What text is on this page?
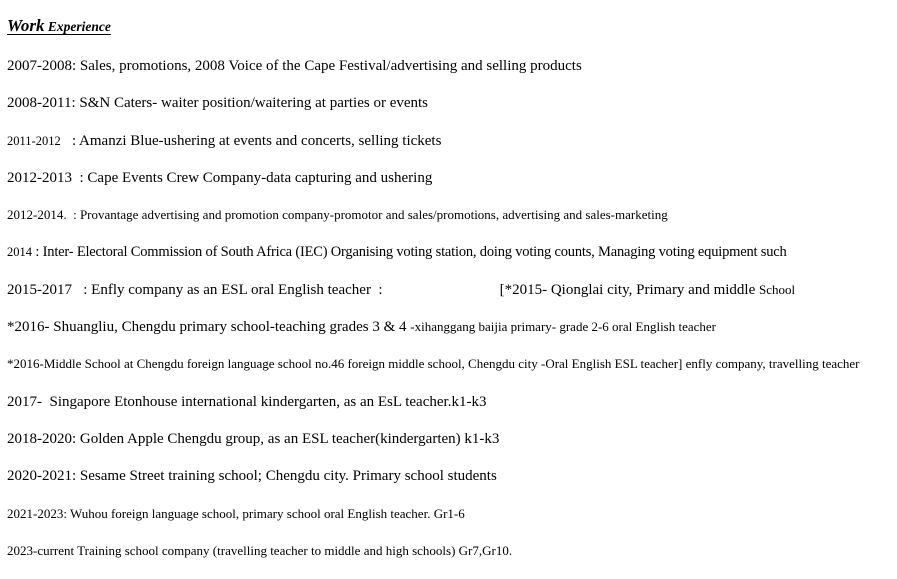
Work Experience
2007-2008: Sales, promotions, 2008 Voice of the Cape Festival/advertising and selling products
2008-2011: S&N Caters- waiter position/waitering at parties or events
2011-2012   : Amanzi Blue-ushering at events and concerts, selling tickets
2012-2013  : Cape Events Crew Company-data capturing and ushering
2012-2014.  : Provantage advertising and promotion company-promotor and sales/promotions, advertising and sales-marketing
2014 : Inter- Electoral Commission of South Africa (IEC) Organising voting station, doing voting counts, Managing voting equipment such
2015-2017   : Enfly company as an ESL oral English teacher  :	[*2015- Qionglai city, Primary and middle School
*2016- Shuangliu, Chengdu primary school-teaching grades 3 & 4 -xihanggang baijia primary- grade 2-6 oral English teacher
*2016-Middle School at Chengdu foreign language school no.46 foreign middle school, Chengdu city -Oral English ESL teacher] enfly company, travelling teacher
2017-  Singapore Etonhouse international kindergarten, as an EsL teacher.k1-k3
2018-2020: Golden Apple Chengdu group, as an ESL teacher(kindergarten) k1-k3
2020-2021: Sesame Street training school; Chengdu city. Primary school students
2021-2023: Wuhou foreign language school, primary school oral English teacher. Gr1-6
2023-current Training school company (travelling teacher to middle and high schools) Gr7,Gr10.
